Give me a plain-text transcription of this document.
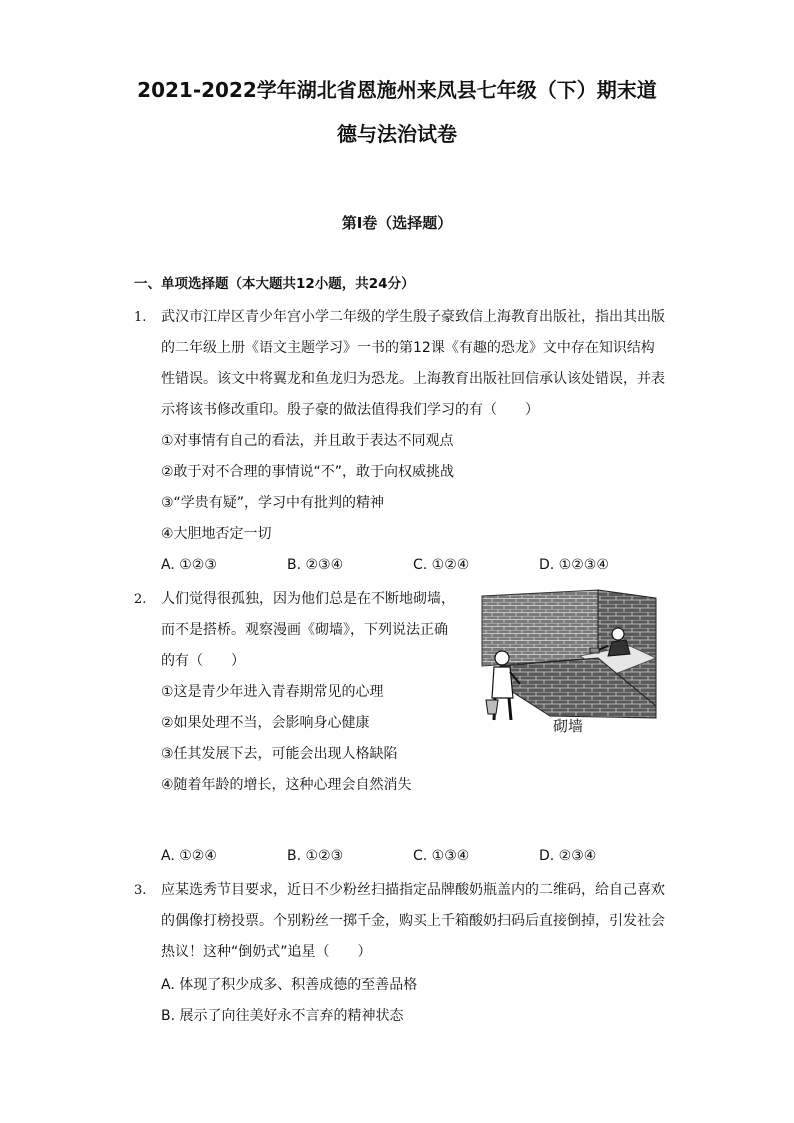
2021-2022学年湖北省恩施州来凤县七年级（下）期末道
德与法治试卷
第I卷（选择题）
一、单项选择题（本大题共12小题，共24分）
1. 武汉市江岸区青少年宫小学二年级的学生殷子豪致信上海教育出版社，指出其出版
的二年级上册《语文主题学习》一书的第12课《有趣的恐龙》文中存在知识结构
性错误。该文中将翼龙和鱼龙归为恐龙。上海教育出版社回信承认该处错误，并表
示将该书修改重印。殷子豪的做法值得我们学习的有（　　）
①对事情有自己的看法，并且敢于表达不同观点
②敢于对不合理的事情说“不”，敢于向权威挑战
③“学贵有疑”，学习中有批判的精神
④大胆地否定一切
A. ①②③	B. ②③④	C. ①②④	D. ①②③④
2. 人们觉得很孤独，因为他们总是在不断地砌墙，
而不是搭桥。观察漫画《砌墙》，下列说法正确
的有（　　）
①这是青少年进入青春期常见的心理
②如果处理不当，会影响身心健康
③任其发展下去，可能会出现人格缺陷
④随着年龄的增长，这种心理会自然消失
砌墙
A. ①②④	B. ①②③	C. ①③④	D. ②③④
3. 应某选秀节目要求，近日不少粉丝扫描指定品牌酸奶瓶盖内的二维码，给自己喜欢
的偶像打榜投票。个别粉丝一掷千金，购买上千箱酸奶扫码后直接倒掉，引发社会
热议！这种“倒奶式”追星（　　）
A. 体现了积少成多、积善成德的至善品格
B. 展示了向往美好永不言弃的精神状态
